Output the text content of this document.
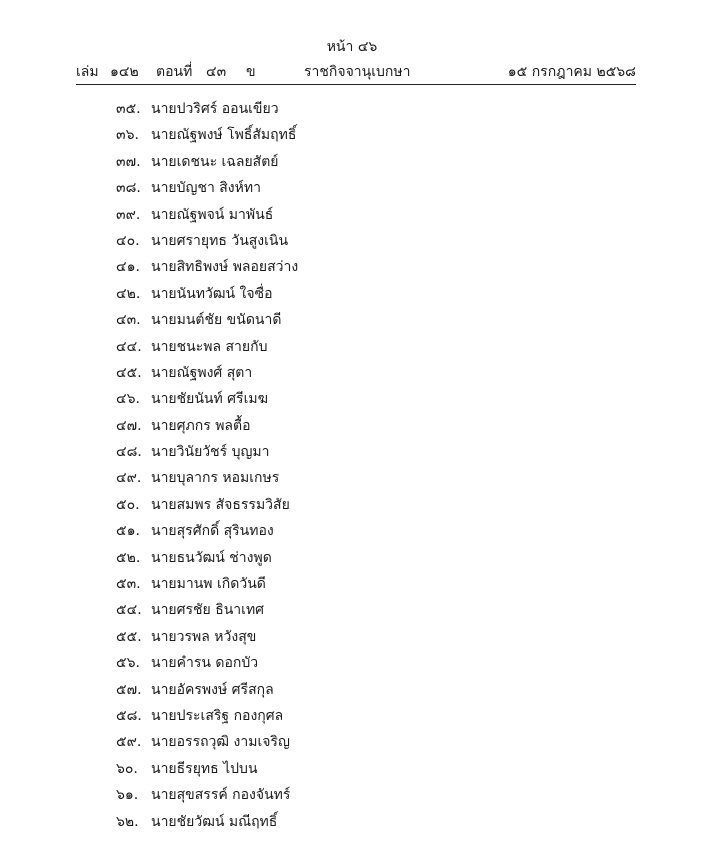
หน้า ๔๖
เล่ม ๑๔๒ ตอนที่ ๔๓ ข	ราชกิจจานุเบกษา	๑๕ กรกฎาคม ๒๕๖๘
๓๕. นายปวริศร์ ออนเขียว
๓๖. นายณัฐพงษ์ โพธิ์สัมฤทธิ์
๓๗. นายเดชนะ เฉลยสัตย์
๓๘. นายบัญชา สิงห์ทา
๓๙. นายณัฐพจน์ มาพันธ์
๔๐. นายศรายุทธ วันสูงเนิน
๔๑. นายสิทธิพงษ์ พลอยสว่าง
๔๒. นายนันทวัฒน์ ใจซื่อ
๔๓. นายมนต์ชัย ขนัดนาดี
๔๔. นายชนะพล สายกับ
๔๕. นายณัฐพงศ์ สุตา
๔๖. นายชัยนันท์ ศรีเมฆ
๔๗. นายศุภกร พลตื้อ
๔๘. นายวินัยวัชร์ บุญมา
๔๙. นายบุลากร หอมเกษร
๕๐. นายสมพร สัจธรรมวิสัย
๕๑. นายสุรศักดิ์ สุรินทอง
๕๒. นายธนวัฒน์ ช่างพูด
๕๓. นายมานพ เกิดวันดี
๕๔. นายศรชัย ธินาเทศ
๕๕. นายวรพล หวังสุข
๕๖. นายคำรน ดอกบัว
๕๗. นายอัครพงษ์ ศรีสกุล
๕๘. นายประเสริฐ กองกุศล
๕๙. นายอรรถวุฒิ งามเจริญ
๖๐. นายธีรยุทธ ไปบน
๖๑. นายสุขสรรค์ กองจันทร์
๖๒. นายชัยวัฒน์ มณีฤทธิ์
